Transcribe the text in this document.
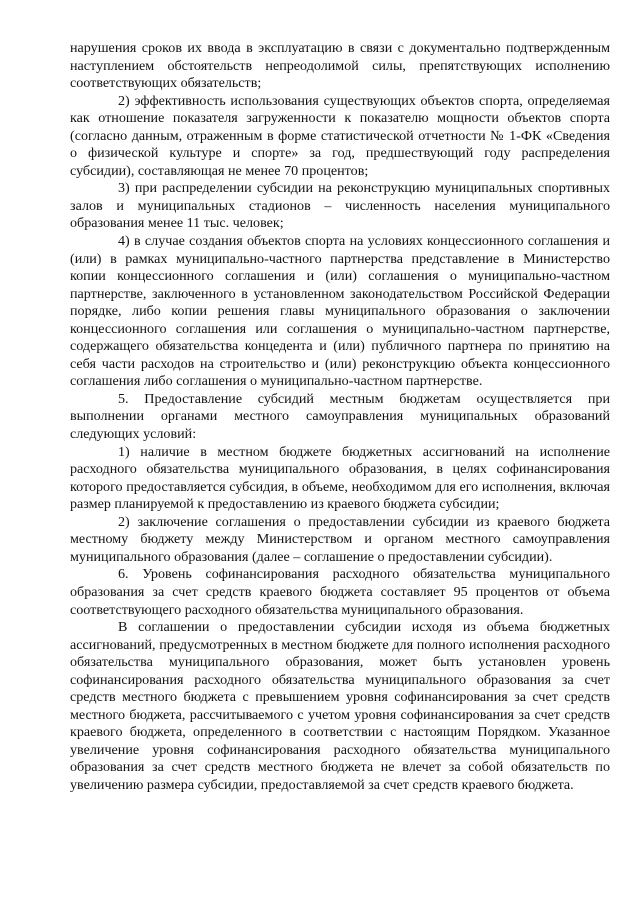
нарушения сроков их ввода в эксплуатацию в связи с документально подтвержденным наступлением обстоятельств непреодолимой силы, препятствующих исполнению соответствующих обязательств;

2) эффективность использования существующих объектов спорта, определяемая как отношение показателя загруженности к показателю мощности объектов спорта (согласно данным, отраженным в форме статистической отчетности № 1-ФК «Сведения о физической культуре и спорте» за год, предшествующий году распределения субсидии), составляющая не менее 70 процентов;

3) при распределении субсидии на реконструкцию муниципальных спортивных залов и муниципальных стадионов – численность населения муниципального образования менее 11 тыс. человек;

4) в случае создания объектов спорта на условиях концессионного соглашения и (или) в рамках муниципально-частного партнерства представление в Министерство копии концессионного соглашения и (или) соглашения о муниципально-частном партнерстве, заключенного в установленном законодательством Российской Федерации порядке, либо копии решения главы муниципального образования о заключении концессионного соглашения или соглашения о муниципально-частном партнерстве, содержащего обязательства концедента и (или) публичного партнера по принятию на себя части расходов на строительство и (или) реконструкцию объекта концессионного соглашения либо соглашения о муниципально-частном партнерстве.

5. Предоставление субсидий местным бюджетам осуществляется при выполнении органами местного самоуправления муниципальных образований следующих условий:

1) наличие в местном бюджете бюджетных ассигнований на исполнение расходного обязательства муниципального образования, в целях софинансирования которого предоставляется субсидия, в объеме, необходимом для его исполнения, включая размер планируемой к предоставлению из краевого бюджета субсидии;

2) заключение соглашения о предоставлении субсидии из краевого бюджета местному бюджету между Министерством и органом местного самоуправления муниципального образования (далее – соглашение о предоставлении субсидии).

6. Уровень софинансирования расходного обязательства муниципального образования за счет средств краевого бюджета составляет 95 процентов от объема соответствующего расходного обязательства муниципального образования.

В соглашении о предоставлении субсидии исходя из объема бюджетных ассигнований, предусмотренных в местном бюджете для полного исполнения расходного обязательства муниципального образования, может быть установлен уровень софинансирования расходного обязательства муниципального образования за счет средств местного бюджета с превышением уровня софинансирования за счет средств местного бюджета, рассчитываемого с учетом уровня софинансирования за счет средств краевого бюджета, определенного в соответствии с настоящим Порядком. Указанное увеличение уровня софинансирования расходного обязательства муниципального образования за счет средств местного бюджета не влечет за собой обязательств по увеличению размера субсидии, предоставляемой за счет средств краевого бюджета.
